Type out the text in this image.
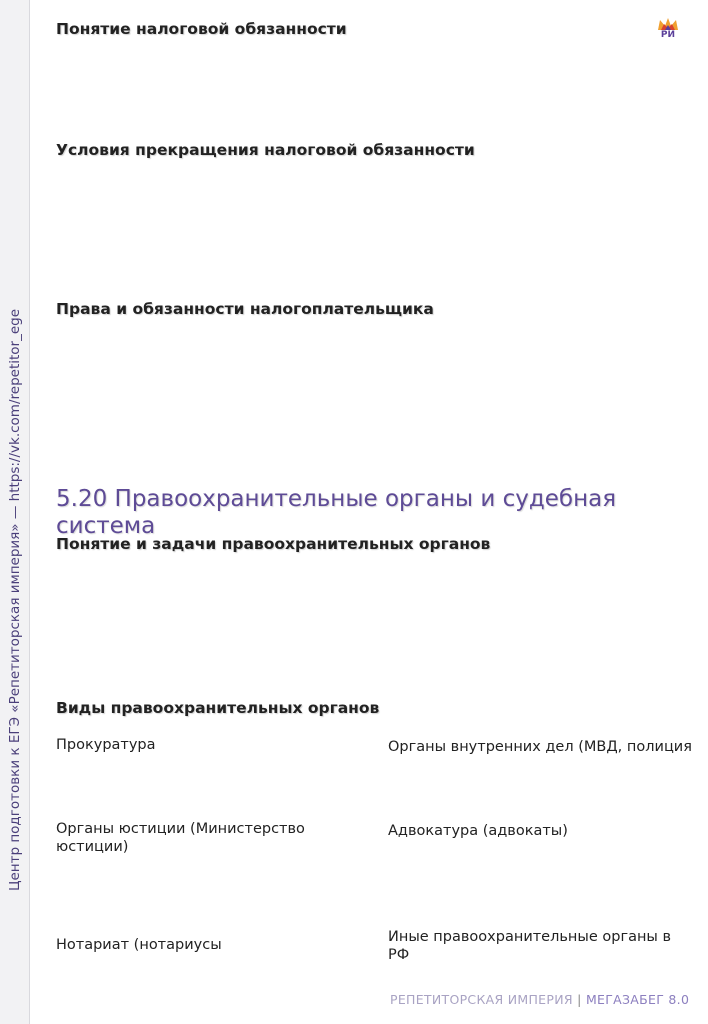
Центр подготовки к ЕГЭ «Репетиторская империя» — https://vk.com/repetitor_ege
РИ
Понятие налоговой обязанности
Условия прекращения налоговой обязанности
Права и обязанности налогоплательщика
5.20 Правоохранительные органы и судебная система
Понятие и задачи правоохранительных органов
Виды правоохранительных органов
Прокуратура
Органы юстиции (Министерство юстиции)
Нотариат (нотариусы
Органы внутренних дел (МВД, полиция
Адвокатура (адвокаты)
Иные правоохранительные органы в РФ
РЕПЕТИТОРСКАЯ ИМПЕРИЯ | МЕГАЗАБЕГ 8.0
